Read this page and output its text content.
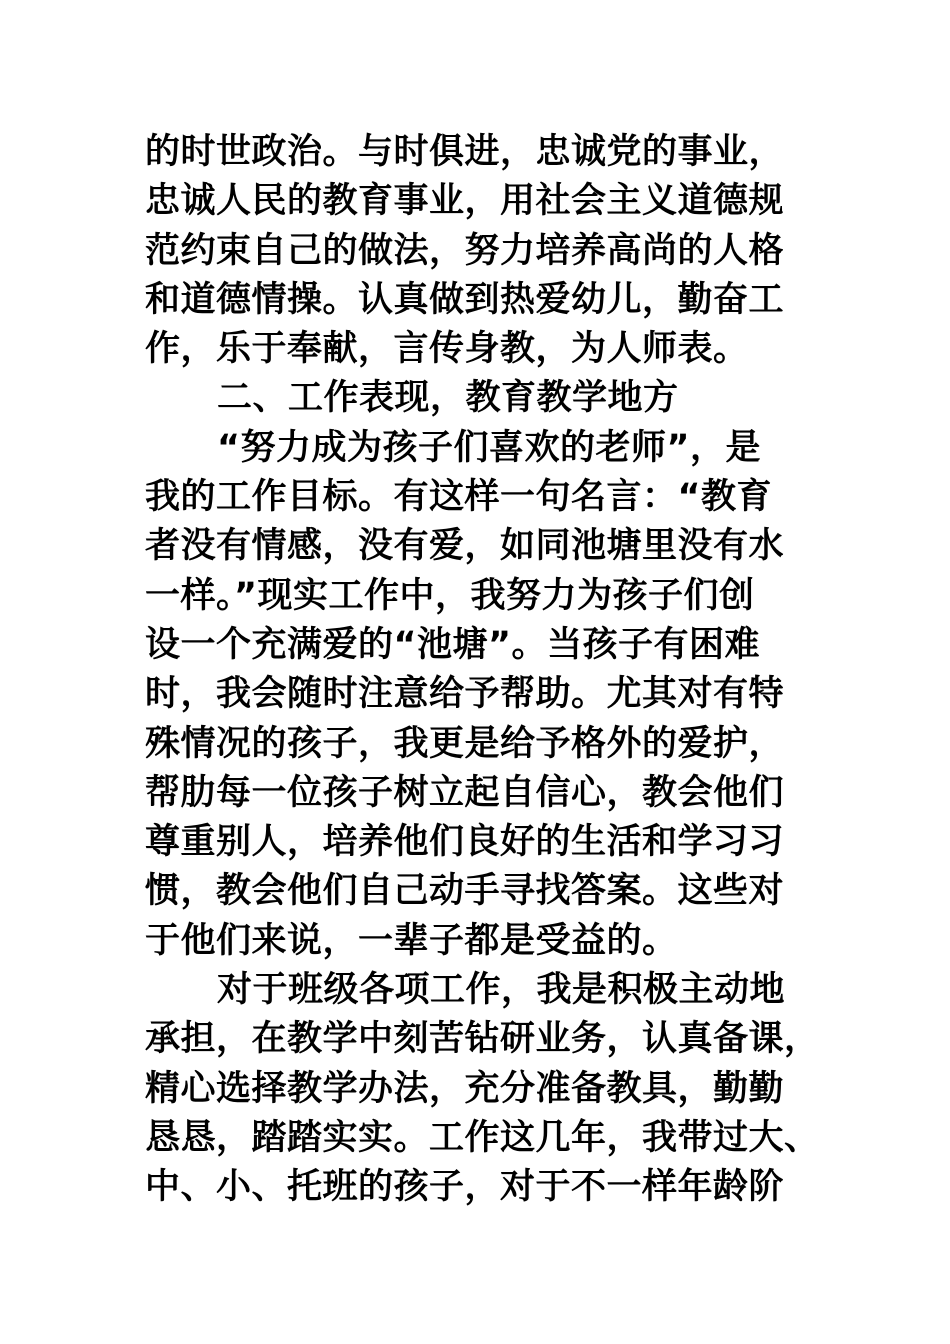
的时世政治。与时俱进，忠诚党的事业，
忠诚人民的教育事业，用社会主义道德规
范约束自己的做法，努力培养高尚的人格
和道德情操。认真做到热爱幼儿，勤奋工
作，乐于奉献，言传身教，为人师表。
二、工作表现，教育教学地方
“努力成为孩子们喜欢的老师”，是
我的工作目标。有这样一句名言：“教育
者没有情感，没有爱，如同池塘里没有水
一样。”现实工作中，我努力为孩子们创
设一个充满爱的“池塘”。当孩子有困难
时，我会随时注意给予帮助。尤其对有特
殊情况的孩子，我更是给予格外的爱护，
帮肋每一位孩子树立起自信心，教会他们
尊重别人，培养他们良好的生活和学习习
惯，教会他们自己动手寻找答案。这些对
于他们来说，一辈子都是受益的。
对于班级各项工作，我是积极主动地
承担，在教学中刻苦钻研业务，认真备课，
精心选择教学办法，充分准备教具，勤勤
恳恳，踏踏实实。工作这几年，我带过大、
中、小、托班的孩子，对于不一样年龄阶
